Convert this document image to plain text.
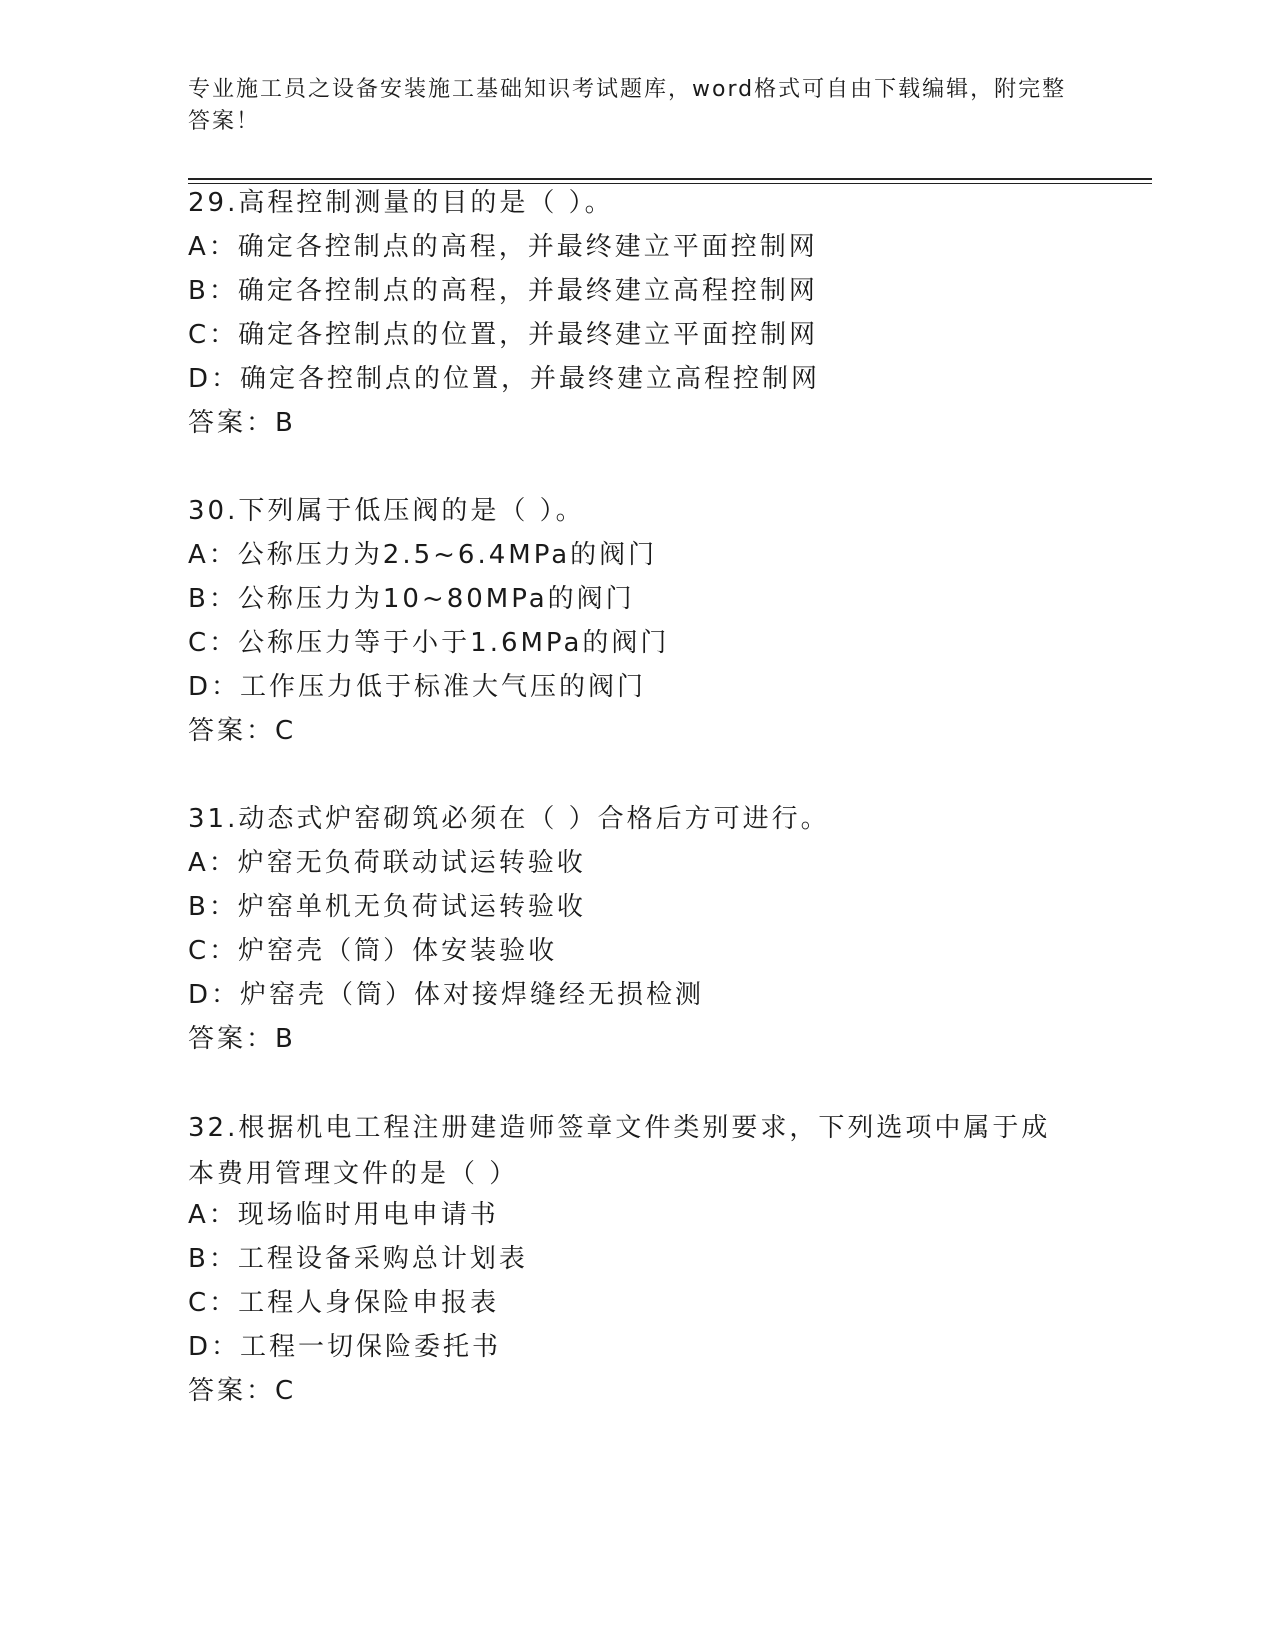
专业施工员之设备安装施工基础知识考试题库，word格式可自由下载编辑，附完整答案！
29.高程控制测量的目的是（ ）。
A：确定各控制点的高程，并最终建立平面控制网
B：确定各控制点的高程，并最终建立高程控制网
C：确定各控制点的位置，并最终建立平面控制网
D：确定各控制点的位置，并最终建立高程控制网
答案：B
30.下列属于低压阀的是（ ）。
A：公称压力为2.5~6.4MPa的阀门
B：公称压力为10~80MPa的阀门
C：公称压力等于小于1.6MPa的阀门
D：工作压力低于标准大气压的阀门
答案：C
31.动态式炉窑砌筑必须在（ ）合格后方可进行。
A：炉窑无负荷联动试运转验收
B：炉窑单机无负荷试运转验收
C：炉窑壳（筒）体安装验收
D：炉窑壳（筒）体对接焊缝经无损检测
答案：B
32.根据机电工程注册建造师签章文件类别要求，下列选项中属于成本费用管理文件的是（ ）
A：现场临时用电申请书
B：工程设备采购总计划表
C：工程人身保险申报表
D：工程一切保险委托书
答案：C
